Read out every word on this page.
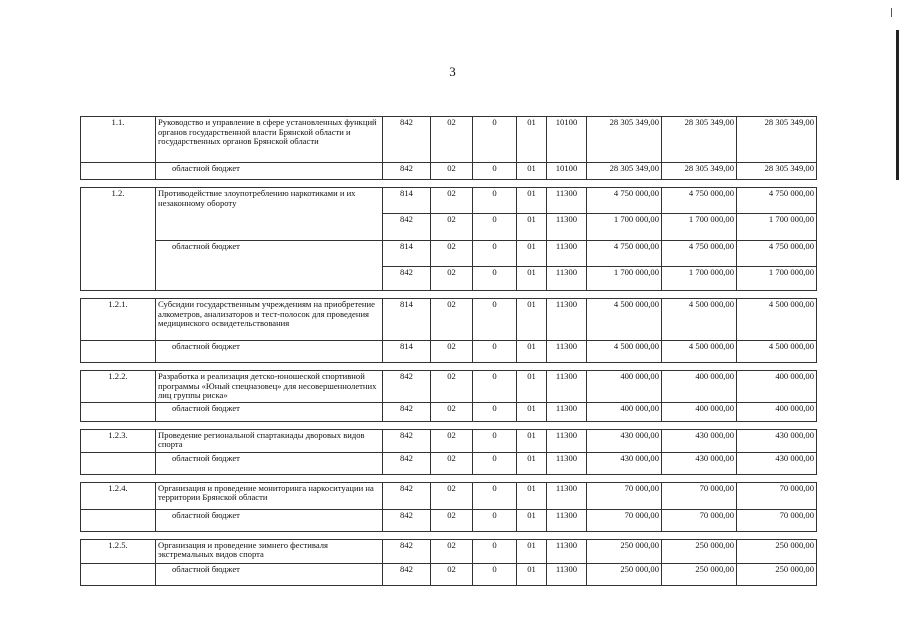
3
1.1.	Руководство и управление в сфере установленных функций органов государственной власти Брянской области и государственных органов Брянской области	842	02	0	01	10100	28 305 349,00	28 305 349,00	28 305 349,00
	областной бюджет	842	02	0	01	10100	28 305 349,00	28 305 349,00	28 305 349,00

1.2.	Противодействие злоупотреблению наркотиками и их незаконному обороту	814	02	0	01	11300	4 750 000,00	4 750 000,00	4 750 000,00
		842	02	0	01	11300	1 700 000,00	1 700 000,00	1 700 000,00
	областной бюджет	814	02	0	01	11300	4 750 000,00	4 750 000,00	4 750 000,00
		842	02	0	01	11300	1 700 000,00	1 700 000,00	1 700 000,00

1.2.1.	Субсидии государственным учреждениям на приобретение алкометров, анализаторов и тест-полосок для проведения медицинского освидетельствования	814	02	0	01	11300	4 500 000,00	4 500 000,00	4 500 000,00
	областной бюджет	814	02	0	01	11300	4 500 000,00	4 500 000,00	4 500 000,00

1.2.2.	Разработка и реализация детско-юношеской спортивной программы «Юный спецназовец» для несовершеннолетних лиц группы риска»	842	02	0	01	11300	400 000,00	400 000,00	400 000,00
	областной бюджет	842	02	0	01	11300	400 000,00	400 000,00	400 000,00

1.2.3.	Проведение региональной спартакиады дворовых видов спорта	842	02	0	01	11300	430 000,00	430 000,00	430 000,00
	областной бюджет	842	02	0	01	11300	430 000,00	430 000,00	430 000,00

1.2.4.	Организация и проведение мониторинга наркоситуации на территории Брянской области	842	02	0	01	11300	70 000,00	70 000,00	70 000,00
	областной бюджет	842	02	0	01	11300	70 000,00	70 000,00	70 000,00

1.2.5.	Организация и проведение зимнего фестиваля экстремальных видов спорта	842	02	0	01	11300	250 000,00	250 000,00	250 000,00
	областной бюджет	842	02	0	01	11300	250 000,00	250 000,00	250 000,00
